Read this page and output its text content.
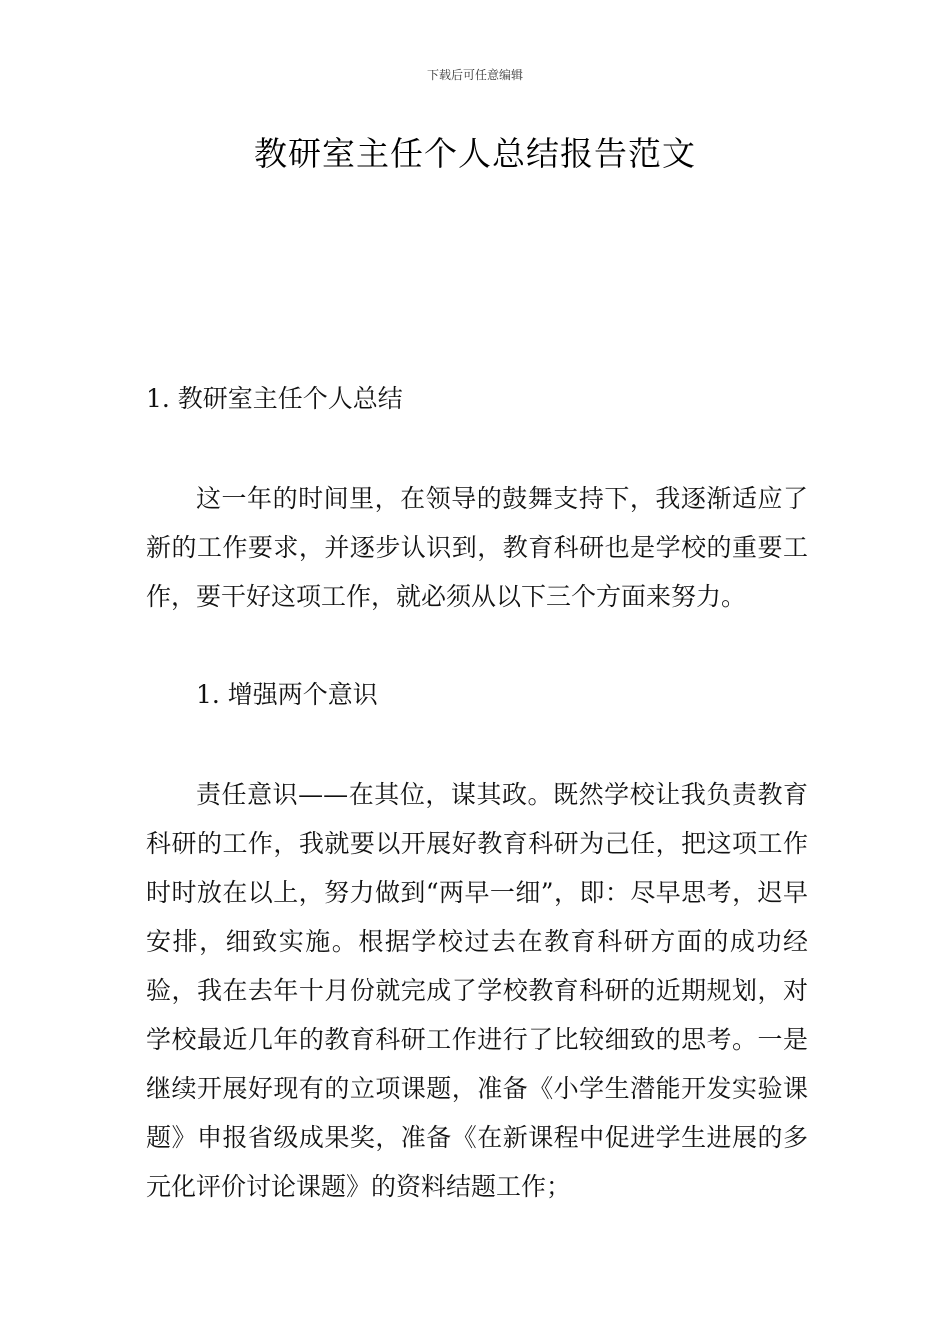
下载后可任意编辑
教研室主任个人总结报告范文
1. 教研室主任个人总结
这一年的时间里，在领导的鼓舞支持下，我逐渐适应了新的工作要求，并逐步认识到，教育科研也是学校的重要工作，要干好这项工作，就必须从以下三个方面来努力。
1. 增强两个意识
责任意识——在其位，谋其政。既然学校让我负责教育科研的工作，我就要以开展好教育科研为己任，把这项工作时时放在以上，努力做到“两早一细”，即：尽早思考，迟早安排，细致实施。根据学校过去在教育科研方面的成功经验，我在去年十月份就完成了学校教育科研的近期规划，对学校最近几年的教育科研工作进行了比较细致的思考。一是继续开展好现有的立项课题，准备《小学生潜能开发实验课题》申报省级成果奖，准备《在新课程中促进学生进展的多元化评价讨论课题》的资料结题工作；
